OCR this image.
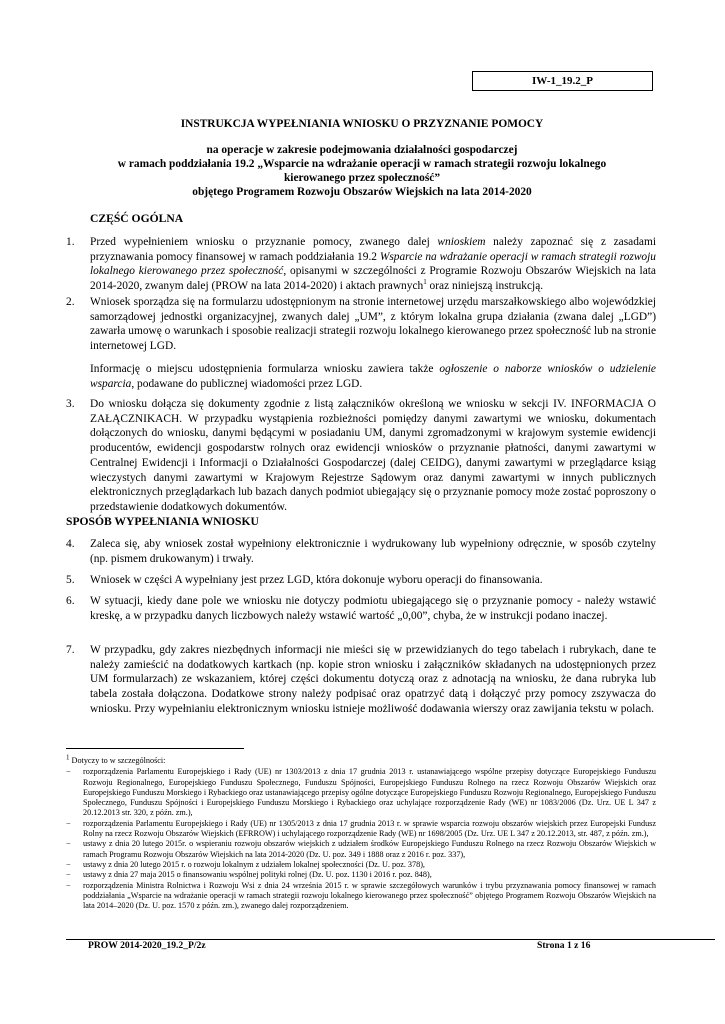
IW-1_19.2_P
INSTRUKCJA WYPEŁNIANIA WNIOSKU O PRZYZNANIE POMOCY
na operacje w zakresie podejmowania działalności gospodarczej
w ramach poddziałania 19.2 „Wsparcie na wdrażanie operacji w ramach strategii rozwoju lokalnego
kierowanego przez społeczność”
objętego Programem Rozwoju Obszarów Wiejskich na lata 2014-2020
CZĘŚĆ OGÓLNA
1. Przed wypełnieniem wniosku o przyznanie pomocy, zwanego dalej wnioskiem należy zapoznać się z zasadami przyznawania pomocy finansowej w ramach poddziałania 19.2 Wsparcie na wdrażanie operacji w ramach strategii rozwoju lokalnego kierowanego przez społeczność, opisanymi w szczególności z Programie Rozwoju Obszarów Wiejskich na lata 2014-2020, zwanym dalej (PROW na lata 2014-2020) i aktach prawnych$^1$ oraz niniejszą instrukcją.
2. Wniosek sporządza się na formularzu udostępnionym na stronie internetowej urzędu marszałkowskiego albo wojewódzkiej samorządowej jednostki organizacyjnej, zwanych dalej „UM”, z którym lokalna grupa działania (zwana dalej „LGD”) zawarła umowę o warunkach i sposobie realizacji strategii rozwoju lokalnego kierowanego przez społeczność lub na stronie internetowej LGD.

Informację o miejscu udostępnienia formularza wniosku zawiera także ogłoszenie o naborze wniosków o udzielenie wsparcia, podawane do publicznej wiadomości przez LGD.

3. Do wniosku dołącza się dokumenty zgodnie z listą załączników określoną we wniosku w sekcji IV. INFORMACJA O ZAŁĄCZNIKACH. W przypadku wystąpienia rozbieżności pomiędzy danymi zawartymi we wniosku, dokumentach dołączonych do wniosku, danymi będącymi w posiadaniu UM, danymi zgromadzonymi w krajowym systemie ewidencji producentów, ewidencji gospodarstw rolnych oraz ewidencji wniosków o przyznanie płatności, danymi zawartymi w Centralnej Ewidencji i Informacji o Działalności Gospodarczej (dalej CEIDG), danymi zawartymi w przeglądarce ksiąg wieczystych danymi zawartymi w Krajowym Rejestrze Sądowym oraz danymi zawartymi w innych publicznych elektronicznych przeglądarkach lub bazach danych podmiot ubiegający się o przyznanie pomocy może zostać poproszony o przedstawienie dodatkowych dokumentów.
SPOSÓB WYPEŁNIANIA WNIOSKU
4. Zaleca się, aby wniosek został wypełniony elektronicznie i wydrukowany lub wypełniony odręcznie, w sposób czytelny (np. pismem drukowanym) i trwały.
5. Wniosek w części A wypełniany jest przez LGD, która dokonuje wyboru operacji do finansowania.
6. W sytuacji, kiedy dane pole we wniosku nie dotyczy podmiotu ubiegającego się o przyznanie pomocy - należy wstawić kreskę, a w przypadku danych liczbowych należy wstawić wartość „0,00”, chyba, że w instrukcji podano inaczej.
7. W przypadku, gdy zakres niezbędnych informacji nie mieści się w przewidzianych do tego tabelach i rubrykach, dane te należy zamieścić na dodatkowych kartkach (np. kopie stron wniosku i załączników składanych na udostępnionych przez UM formularzach) ze wskazaniem, której części dokumentu dotyczą oraz z adnotacją na wniosku, że dana rubryka lub tabela została dołączona. Dodatkowe strony należy podpisać oraz opatrzyć datą i dołączyć przy pomocy zszywacza do wniosku. Przy wypełnianiu elektronicznym wniosku istnieje możliwość dodawania wierszy oraz zawijania tekstu w polach.

1 Dotyczy to w szczególności:

− rozporządzenia Parlamentu Europejskiego i Rady (UE) nr 1303/2013 z dnia 17 grudnia 2013 r. ustanawiającego wspólne przepisy dotyczące Europejskiego Funduszu Rozwoju Regionalnego, Europejskiego Funduszu Społecznego, Funduszu Spójności, Europejskiego Funduszu Rolnego na rzecz Rozwoju Obszarów Wiejskich oraz Europejskiego Funduszu Morskiego i Rybackiego oraz ustanawiającego przepisy ogólne dotyczące Europejskiego Funduszu Rozwoju Regionalnego, Europejskiego Funduszu Społecznego, Funduszu Spójności i Europejskiego Funduszu Morskiego i Rybackiego oraz uchylające rozporządzenie Rady (WE) nr 1083/2006 (Dz. Urz. UE L 347 z 20.12.2013 str. 320, z późn. zm.),
− rozporządzenia Parlamentu Europejskiego i Rady (UE) nr 1305/2013 z dnia 17 grudnia 2013 r. w sprawie wsparcia rozwoju obszarów wiejskich przez Europejski Fundusz Rolny na rzecz Rozwoju Obszarów Wiejskich (EFRROW) i uchylającego rozporządzenie Rady (WE) nr 1698/2005 (Dz. Urz. UE L 347 z 20.12.2013, str. 487, z późn. zm.),
− ustawy z dnia 20 lutego 2015r. o wspieraniu rozwoju obszarów wiejskich z udziałem środków Europejskiego Funduszu Rolnego na rzecz Rozwoju Obszarów Wiejskich w ramach Programu Rozwoju Obszarów Wiejskich na lata 2014-2020 (Dz. U. poz. 349 i 1888 oraz z 2016 r. poz. 337),
− ustawy z dnia 20 lutego 2015 r. o rozwoju lokalnym z udziałem lokalnej społeczności (Dz. U. poz. 378),
− ustawy z dnia 27 maja 2015 o finansowaniu wspólnej polityki rolnej (Dz. U. poz. 1130 i 2016 r. poz. 848),
− rozporządzenia Ministra Rolnictwa i Rozwoju Wsi z dnia 24 września 2015 r. w sprawie szczegółowych warunków i trybu przyznawania pomocy finansowej w ramach poddziałania „Wsparcie na wdrażanie operacji w ramach strategii rozwoju lokalnego kierowanego przez społeczność” objętego Programem Rozwoju Obszarów Wiejskich na lata 2014–2020 (Dz. U. poz. 1570 z późn. zm.), zwanego dalej rozporządzeniem.
PROW 2014-2020_19.2_P/2z	Strona 1 z 16
